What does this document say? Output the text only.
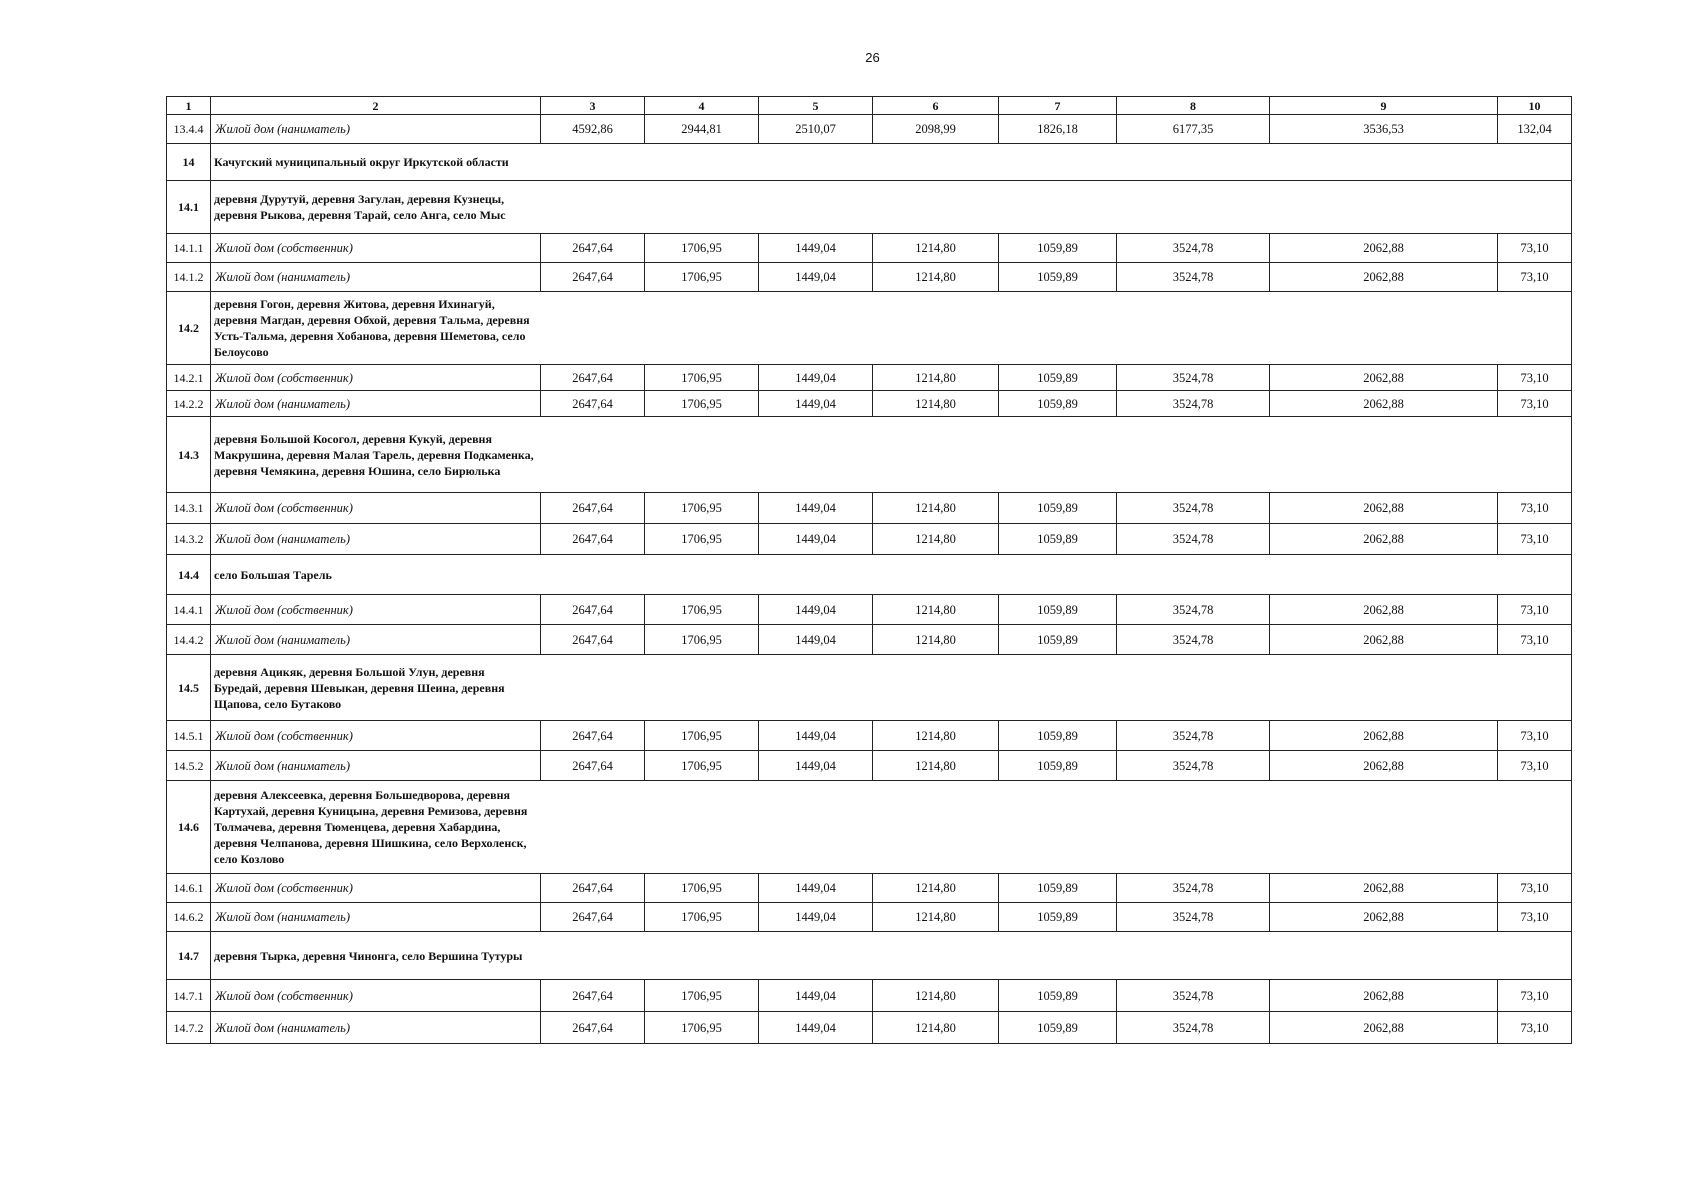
26
1	2	3	4	5	6	7	8	9	10
13.4.4	Жилой дом (наниматель)	4592,86	2944,81	2510,07	2098,99	1826,18	6177,35	3536,53	132,04
14	Качугский муниципальный округ Иркутской области								
14.1	деревня Дурутуй, деревня Загулан, деревня Кузнецы, деревня Рыкова, деревня Тарай, село Анга, село Мыс								

14.1.1	Жилой дом (собственник)	2647,64	1706,95	1449,04	1214,80	1059,89	3524,78	2062,88	73,10
14.1.2	Жилой дом (наниматель)	2647,64	1706,95	1449,04	1214,80	1059,89	3524,78	2062,88	73,10
14.2	деревня Гогон, деревня Житова, деревня Ихинагуй, деревня Магдан, деревня Обхой, деревня Тальма, деревня Усть-Тальма, деревня Хобанова, деревня Шеметова, село Белоусово								

14.2.1	Жилой дом (собственник)	2647,64	1706,95	1449,04	1214,80	1059,89	3524,78	2062,88	73,10
14.2.2	Жилой дом (наниматель)	2647,64	1706,95	1449,04	1214,80	1059,89	3524,78	2062,88	73,10
14.3	деревня Большой Косогол, деревня Кукуй, деревня Макрушина, деревня Малая Тарель, деревня Подкаменка, деревня Чемякина, деревня Юшина, село Бирюлька								

14.3.1	Жилой дом (собственник)	2647,64	1706,95	1449,04	1214,80	1059,89	3524,78	2062,88	73,10
14.3.2	Жилой дом (наниматель)	2647,64	1706,95	1449,04	1214,80	1059,89	3524,78	2062,88	73,10
14.4	село Большая Тарель								

14.4.1	Жилой дом (собственник)	2647,64	1706,95	1449,04	1214,80	1059,89	3524,78	2062,88	73,10
14.4.2	Жилой дом (наниматель)	2647,64	1706,95	1449,04	1214,80	1059,89	3524,78	2062,88	73,10
14.5	деревня Ацикяк, деревня Большой Улун, деревня Буредай, деревня Шевыкан, деревня Шеина, деревня Щапова, село Бутаково								

14.5.1	Жилой дом (собственник)	2647,64	1706,95	1449,04	1214,80	1059,89	3524,78	2062,88	73,10
14.5.2	Жилой дом (наниматель)	2647,64	1706,95	1449,04	1214,80	1059,89	3524,78	2062,88	73,10
14.6	деревня Алексеевка, деревня Большедворова, деревня Картухай, деревня Куницына, деревня Ремизова, деревня Толмачева, деревня Тюменцева, деревня Хабардина, деревня Челпанова, деревня Шишкина, село Верхоленск, село Козлово								

14.6.1	Жилой дом (собственник)	2647,64	1706,95	1449,04	1214,80	1059,89	3524,78	2062,88	73,10
14.6.2	Жилой дом (наниматель)	2647,64	1706,95	1449,04	1214,80	1059,89	3524,78	2062,88	73,10
14.7	деревня Тырка, деревня Чинонга, село Вершина Тутуры								

14.7.1	Жилой дом (собственник)	2647,64	1706,95	1449,04	1214,80	1059,89	3524,78	2062,88	73,10
14.7.2	Жилой дом (наниматель)	2647,64	1706,95	1449,04	1214,80	1059,89	3524,78	2062,88	73,10
